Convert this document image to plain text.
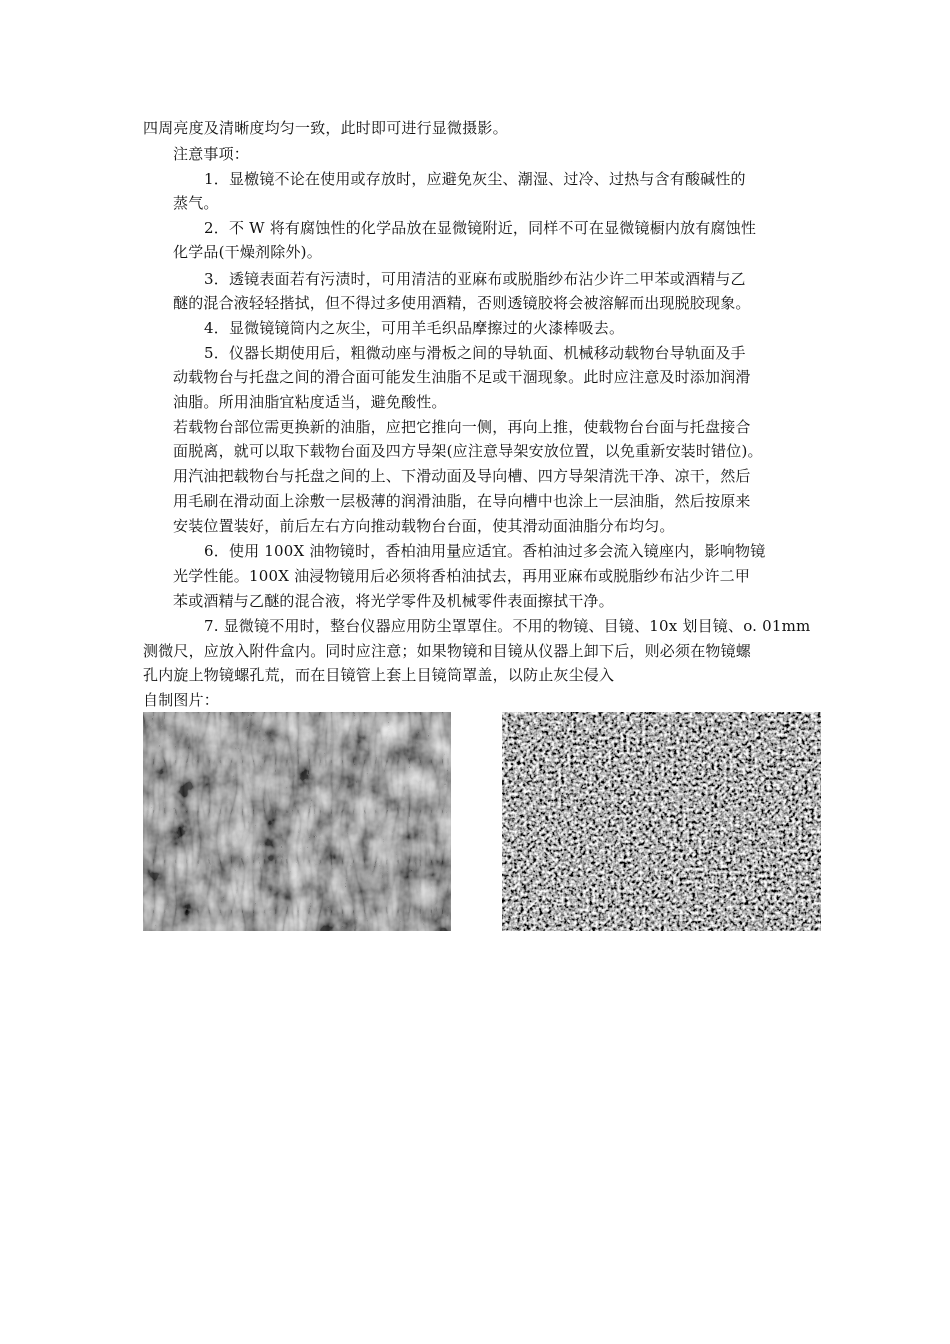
四周亮度及清晰度均匀一致，此时即可进行显微摄影。
注意事项：
1．显檄镜不论在使用或存放时，应避免灰尘、潮湿、过冷、过热与含有酸碱性的
蒸气。
2．不 W 将有腐蚀性的化学品放在显微镜附近，同样不可在显微镜橱内放有腐蚀性
化学品(干燥剂除外)。
3．透镜表面若有污渍时，可用清洁的亚麻布或脱脂纱布沾少许二甲苯或酒精与乙
醚的混合液轻轻揩拭，但不得过多使用酒精，否则透镜胶将会被溶解而出现脱胶现象。
4．显微镜镜筒内之灰尘，可用羊毛织品摩擦过的火漆棒吸去。
5．仪器长期使用后，粗微动座与滑板之间的导轨面、机械移动载物台导轨面及手
动载物台与托盘之间的滑合面可能发生油脂不足或干涸现象。此时应注意及时添加润滑
油脂。所用油脂宜粘度适当，避免酸性。
若载物台部位需更换新的油脂，应把它推向一侧，再向上推，使载物台台面与托盘接合
面脱离，就可以取下载物台面及四方导架(应注意导架安放位置，以免重新安装时错位)。
用汽油把载物台与托盘之间的上、下滑动面及导向槽、四方导架清洗干净、凉干，然后
用毛刷在滑动面上涂敷一层极薄的润滑油脂，在导向槽中也涂上一层油脂，然后按原来
安装位置装好，前后左右方向推动载物台台面，使其滑动面油脂分布均匀。
6．使用 100X 油物镜时，香柏油用量应适宜。香柏油过多会流入镜座内，影响物镜
光学性能。100X 油浸物镜用后必须将香柏油拭去，再用亚麻布或脱脂纱布沾少许二甲
苯或酒精与乙醚的混合液，将光学零件及机械零件表面擦拭干净。
7. 显微镜不用时，整台仪器应用防尘罩罩住。不用的物镜、目镜、10x 划目镜、o. 01mm
测微尺，应放入附件盒内。同时应注意；如果物镜和目镜从仪器上卸下后，则必须在物镜螺
孔内旋上物镜螺孔荒，而在目镜管上套上目镜筒罩盖，以防止灰尘侵入
自制图片：
